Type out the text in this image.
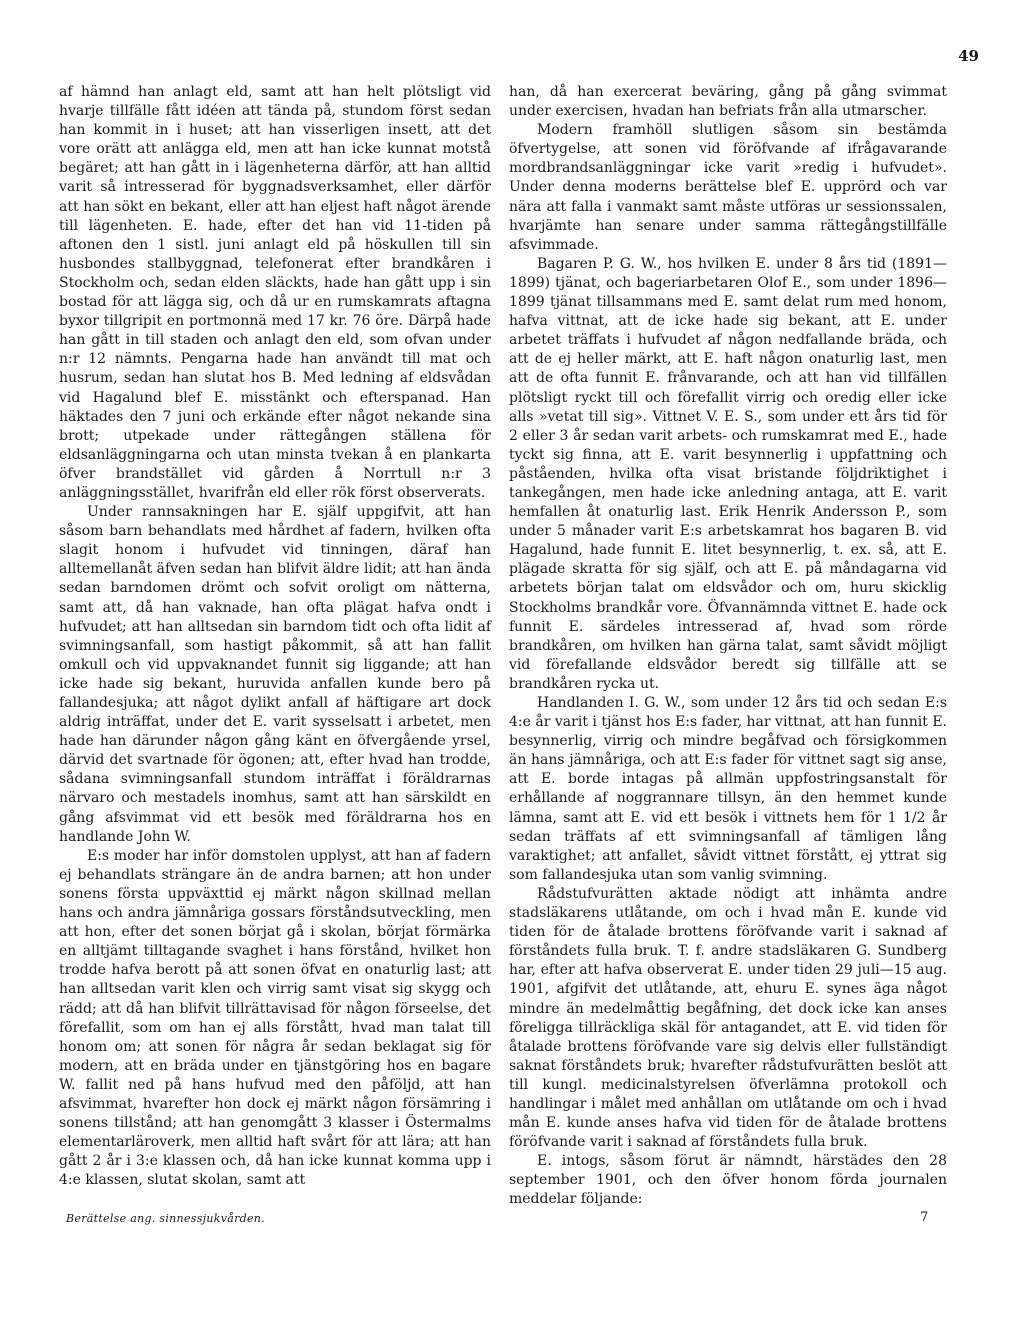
49

af hämnd han anlagt eld, samt att han helt plötsligt vid hvarje tillfälle fått idéen att tända på, stundom först sedan han kommit in i huset; att han visserligen insett, att det vore orätt att anlägga eld, men att han icke kunnat motstå begäret; att han gått in i lägenheterna därför, att han alltid varit så intresserad för byggnadsverksamhet, eller därför att han sökt en bekant, eller att han eljest haft något ärende till lägenheten. E. hade, efter det han vid 11-tiden på aftonen den 1 sistl. juni anlagt eld på höskullen till sin husbondes stallbyggnad, telefonerat efter brandkåren i Stockholm och, sedan elden släckts, hade han gått upp i sin bostad för att lägga sig, och då ur en rumskamrats aftagna byxor tillgripit en portmonnä med 17 kr. 76 öre. Därpå hade han gått in till staden och anlagt den eld, som ofvan under n:r 12 nämnts. Pengarna hade han användt till mat och husrum, sedan han slutat hos B. Med ledning af eldsvådan vid Hagalund blef E. misstänkt och efterspanad. Han häktades den 7 juni och erkände efter något nekande sina brott; utpekade under rättegången ställena för eldsanläggningarna och utan minsta tvekan å en plankarta öfver brandstället vid gården å Norrtull n:r 3 anläggningsstället, hvarifrån eld eller rök först observerats.

Under rannsakningen har E. själf uppgifvit, att han såsom barn behandlats med hårdhet af fadern, hvilken ofta slagit honom i hufvudet vid tinningen, däraf han alltemellanåt äfven sedan han blifvit äldre lidit; att han ända sedan barndomen drömt och sofvit oroligt om nätterna, samt att, då han vaknade, han ofta plägat hafva ondt i hufvudet; att han alltsedan sin barndom tidt och ofta lidit af svimningsanfall, som hastigt påkommit, så att han fallit omkull och vid uppvaknandet funnit sig liggande; att han icke hade sig bekant, huruvida anfallen kunde bero på fallandesjuka; att något dylikt anfall af häftigare art dock aldrig inträffat, under det E. varit sysselsatt i arbetet, men hade han därunder någon gång känt en öfvergående yrsel, därvid det svartnade för ögonen; att, efter hvad han trodde, sådana svimningsanfall stundom inträffat i föräldrarnas närvaro och mestadels inomhus, samt att han särskildt en gång afsvimmat vid ett besök med föräldrarna hos en handlande John W.

E:s moder har inför domstolen upplyst, att han af fadern ej behandlats strängare än de andra barnen; att hon under sonens första uppväxttid ej märkt någon skillnad mellan hans och andra jämnåriga gossars förståndsutveckling, men att hon, efter det sonen börjat gå i skolan, börjat förmärka en alltjämt tilltagande svaghet i hans förstånd, hvilket hon trodde hafva berott på att sonen öfvat en onaturlig last; att han alltsedan varit klen och virrig samt visat sig skygg och rädd; att då han blifvit tillrättavisad för någon förseelse, det förefallit, som om han ej alls förstått, hvad man talat till honom om; att sonen för några år sedan beklagat sig för modern, att en bräda under en tjänstgöring hos en bagare W. fallit ned på hans hufvud med den påföljd, att han afsvimmat, hvarefter hon dock ej märkt någon försämring i sonens tillstånd; att han genomgått 3 klasser i Östermalms elementarläroverk, men alltid haft svårt för att lära; att han gått 2 år i 3:e klassen och, då han icke kunnat komma upp i 4:e klassen, slutat skolan, samt att

han, då han exercerat beväring, gång på gång svimmat under exercisen, hvadan han befriats från alla utmarscher.

Modern framhöll slutligen såsom sin bestämda öfvertygelse, att sonen vid föröfvande af ifrågavarande mordbrandsanläggningar icke varit »redig i hufvudet». Under denna moderns berättelse blef E. upprörd och var nära att falla i vanmakt samt måste utföras ur sessionssalen, hvarjämte han senare under samma rättegångstillfälle afsvimmade.

Bagaren P. G. W., hos hvilken E. under 8 års tid (1891—1899) tjänat, och bageriarbetaren Olof E., som under 1896—1899 tjänat tillsammans med E. samt delat rum med honom, hafva vittnat, att de icke hade sig bekant, att E. under arbetet träffats i hufvudet af någon nedfallande bräda, och att de ej heller märkt, att E. haft någon onaturlig last, men att de ofta funnit E. frånvarande, och att han vid tillfällen plötsligt ryckt till och förefallit virrig och oredig eller icke alls »vetat till sig». Vittnet V. E. S., som under ett års tid för 2 eller 3 år sedan varit arbets- och rumskamrat med E., hade tyckt sig finna, att E. varit besynnerlig i uppfattning och påståenden, hvilka ofta visat bristande följdriktighet i tankegången, men hade icke anledning antaga, att E. varit hemfallen åt onaturlig last. Erik Henrik Andersson P., som under 5 månader varit E:s arbetskamrat hos bagaren B. vid Hagalund, hade funnit E. litet besynnerlig, t. ex. så, att E. plägade skratta för sig själf, och att E. på måndagarna vid arbetets början talat om eldsvådor och om, huru skicklig Stockholms brandkår vore. Öfvannämnda vittnet E. hade ock funnit E. särdeles intresserad af, hvad som rörde brandkåren, om hvilken han gärna talat, samt såvidt möjligt vid förefallande eldsvådor beredt sig tillfälle att se brandkåren rycka ut.

Handlanden I. G. W., som under 12 års tid och sedan E:s 4:e år varit i tjänst hos E:s fader, har vittnat, att han funnit E. besynnerlig, virrig och mindre begåfvad och försigkommen än hans jämnåriga, och att E:s fader för vittnet sagt sig anse, att E. borde intagas på allmän uppfostringsanstalt för erhållande af noggrannare tillsyn, än den hemmet kunde lämna, samt att E. vid ett besök i vittnets hem för 1 1/2 år sedan träffats af ett svimningsanfall af tämligen lång varaktighet; att anfallet, såvidt vittnet förstått, ej yttrat sig som fallandesjuka utan som vanlig svimning.

Rådstufvurätten aktade nödigt att inhämta andre stadsläkarens utlåtande, om och i hvad mån E. kunde vid tiden för de åtalade brottens föröfvande varit i saknad af förståndets fulla bruk. T. f. andre stadsläkaren G. Sundberg har, efter att hafva observerat E. under tiden 29 juli—15 aug. 1901, afgifvit det utlåtande, att, ehuru E. synes äga något mindre än medelmåttig begåfning, det dock icke kan anses föreligga tillräckliga skäl för antagandet, att E. vid tiden för åtalade brottens föröfvande vare sig delvis eller fullständigt saknat förståndets bruk; hvarefter rådstufvurätten beslöt att till kungl. medicinalstyrelsen öfverlämna protokoll och handlingar i målet med anhållan om utlåtande om och i hvad mån E. kunde anses hafva vid tiden för de åtalade brottens föröfvande varit i saknad af förståndets fulla bruk.

E. intogs, såsom förut är nämndt, härstädes den 28 september 1901, och den öfver honom förda journalen meddelar följande:

Berättelse ang. sinnessjukvården.	7
